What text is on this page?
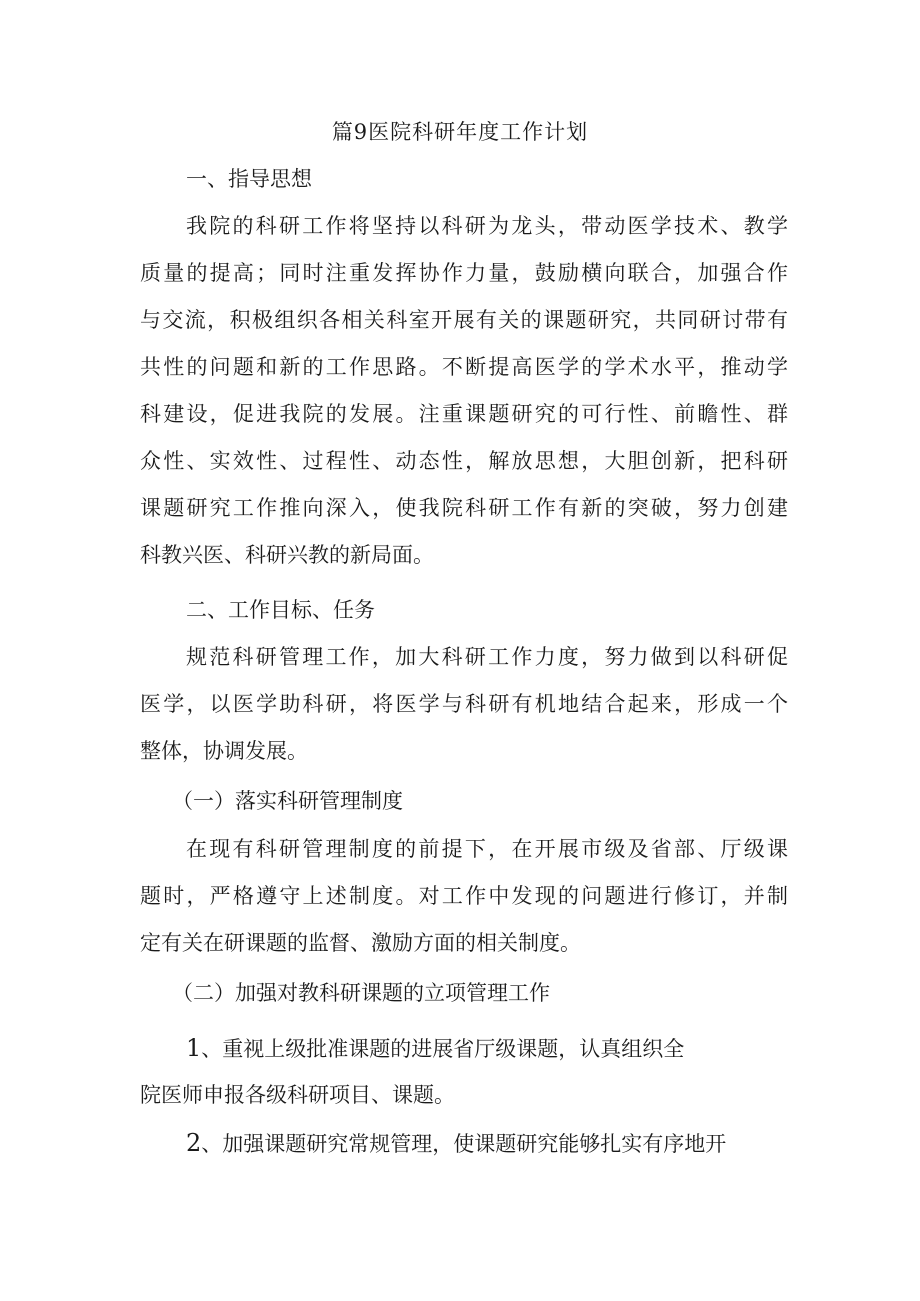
篇9医院科研年度工作计划
一、指导思想
我院的科研工作将坚持以科研为龙头，带动医学技术、教学
质量的提高；同时注重发挥协作力量，鼓励横向联合，加强合作
与交流，积极组织各相关科室开展有关的课题研究，共同研讨带有
共性的问题和新的工作思路。不断提高医学的学术水平，推动学
科建设，促进我院的发展。注重课题研究的可行性、前瞻性、群
众性、实效性、过程性、动态性，解放思想，大胆创新，把科研
课题研究工作推向深入，使我院科研工作有新的突破，努力创建
科教兴医、科研兴教的新局面。
二、工作目标、任务
规范科研管理工作，加大科研工作力度，努力做到以科研促
医学，以医学助科研，将医学与科研有机地结合起来，形成一个
整体，协调发展。
（一）落实科研管理制度
在现有科研管理制度的前提下，在开展市级及省部、厅级课
题时，严格遵守上述制度。对工作中发现的问题进行修订，并制
定有关在研课题的监督、激励方面的相关制度。
（二）加强对教科研课题的立项管理工作
1、重视上级批准课题的进展省厅级课题，认真组织全
院医师申报各级科研项目、课题。
2、加强课题研究常规管理，使课题研究能够扎实有序地开
